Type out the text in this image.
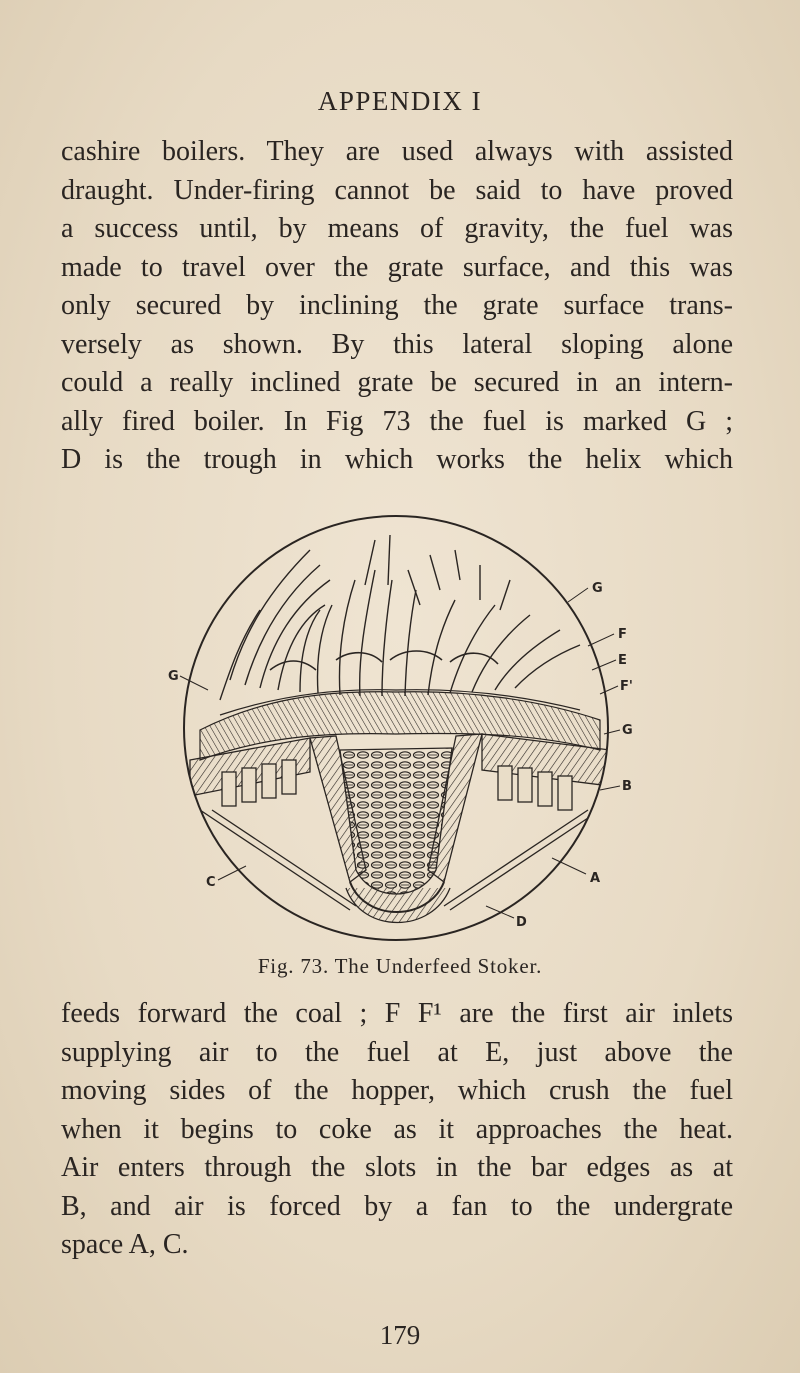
APPENDIX I

cashire boilers. They are used always with assisted
draught. Under-firing cannot be said to have proved
a success until, by means of gravity, the fuel was
made to travel over the grate surface, and this was
only secured by inclining the grate surface trans-
versely as shown. By this lateral sloping alone
could a really inclined grate be secured in an intern-
ally fired boiler. In Fig 73 the fuel is marked G ;
D is the trough in which works the helix which

G
G
F
E
F'
G
B
A
C
D
Fig. 73. The Underfeed Stoker.

feeds forward the coal ; F F¹ are the first air inlets
supplying air to the fuel at E, just above the
moving sides of the hopper, which crush the fuel
when it begins to coke as it approaches the heat.
Air enters through the slots in the bar edges as at
B, and air is forced by a fan to the undergrate
space A, C.

179
